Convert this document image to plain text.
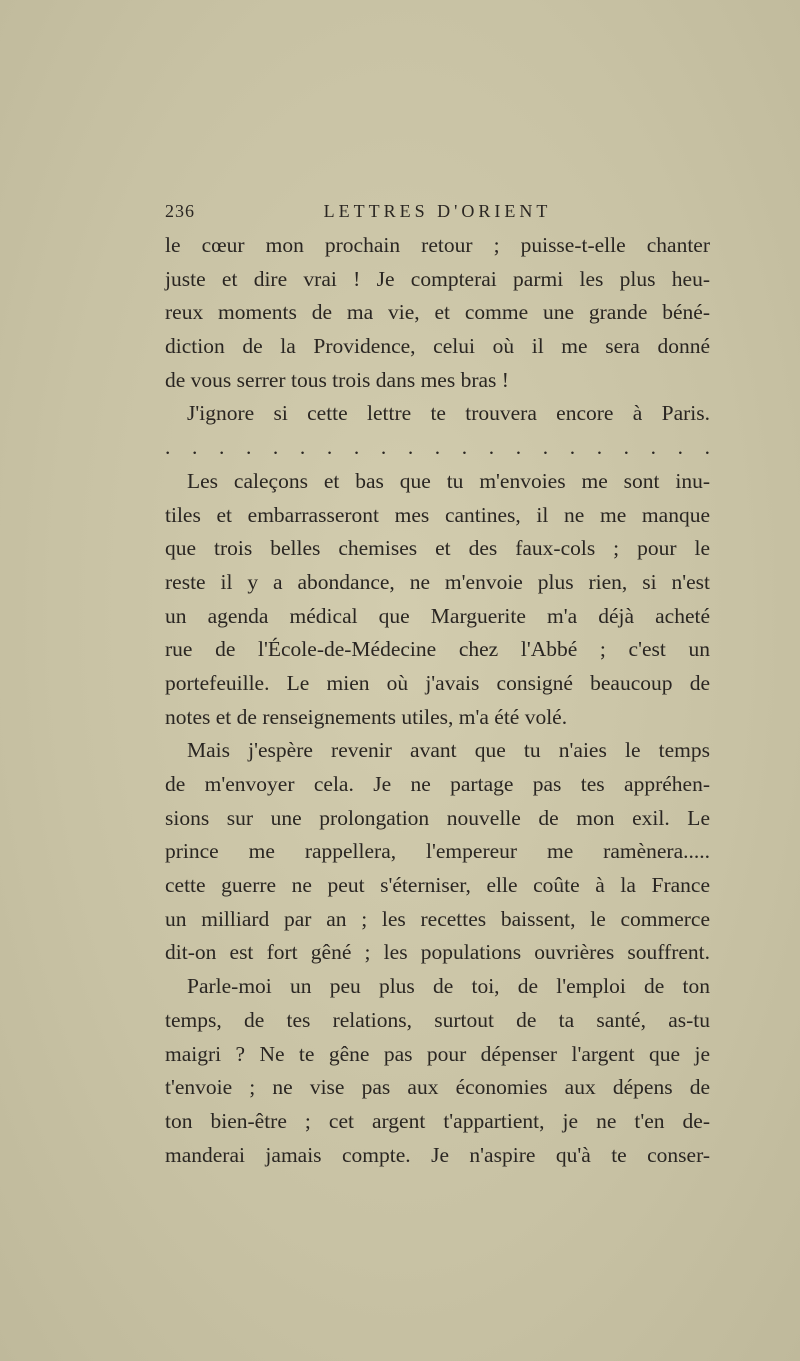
236	LETTRES D'ORIENT
le cœur mon prochain retour ; puisse-t-elle chanter
juste et dire vrai ! Je compterai parmi les plus heu-
reux moments de ma vie, et comme une grande béné-
diction de la Providence, celui où il me sera donné
de vous serrer tous trois dans mes bras !
J'ignore si cette lettre te trouvera encore à Paris.
. . . . . . . . . . . . . . . . . . . . .
Les caleçons et bas que tu m'envoies me sont inu-
tiles et embarrasseront mes cantines, il ne me manque
que trois belles chemises et des faux-cols ; pour le
reste il y a abondance, ne m'envoie plus rien, si n'est
un agenda médical que Marguerite m'a déjà acheté
rue de l'École-de-Médecine chez l'Abbé ; c'est un
portefeuille. Le mien où j'avais consigné beaucoup de
notes et de renseignements utiles, m'a été volé.
Mais j'espère revenir avant que tu n'aies le temps
de m'envoyer cela. Je ne partage pas tes appréhen-
sions sur une prolongation nouvelle de mon exil. Le
prince me rappellera, l'empereur me ramènera.....
cette guerre ne peut s'éterniser, elle coûte à la France
un milliard par an ; les recettes baissent, le commerce
dit-on est fort gêné ; les populations ouvrières souffrent.
Parle-moi un peu plus de toi, de l'emploi de ton
temps, de tes relations, surtout de ta santé, as-tu
maigri ? Ne te gêne pas pour dépenser l'argent que je
t'envoie ; ne vise pas aux économies aux dépens de
ton bien-être ; cet argent t'appartient, je ne t'en de-
manderai jamais compte. Je n'aspire qu'à te conser-
